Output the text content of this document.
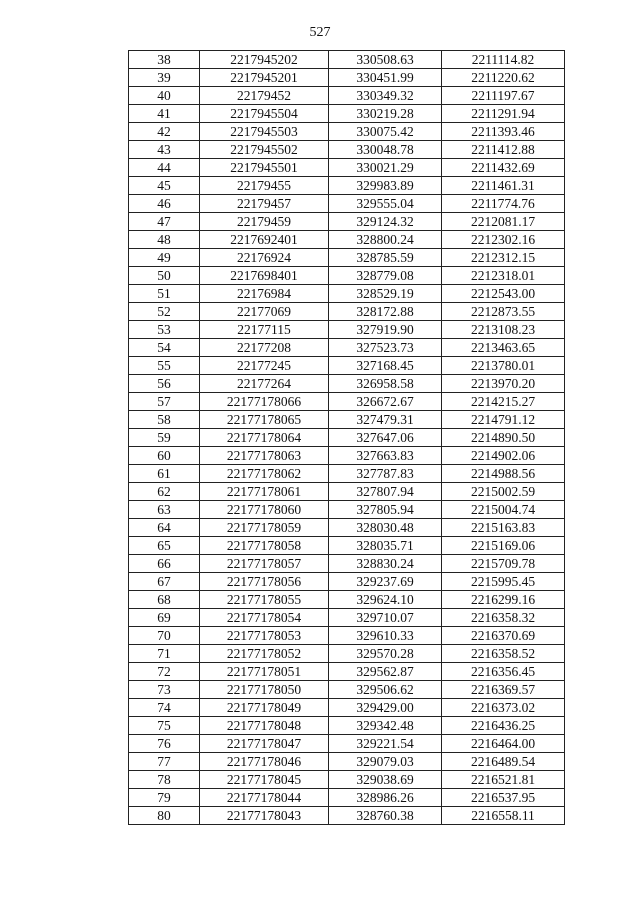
527
38	2217945202	330508.63	2211114.82
39	2217945201	330451.99	2211220.62
40	22179452	330349.32	2211197.67
41	2217945504	330219.28	2211291.94
42	2217945503	330075.42	2211393.46
43	2217945502	330048.78	2211412.88
44	2217945501	330021.29	2211432.69
45	22179455	329983.89	2211461.31
46	22179457	329555.04	2211774.76
47	22179459	329124.32	2212081.17
48	2217692401	328800.24	2212302.16
49	22176924	328785.59	2212312.15
50	2217698401	328779.08	2212318.01
51	22176984	328529.19	2212543.00
52	22177069	328172.88	2212873.55
53	22177115	327919.90	2213108.23
54	22177208	327523.73	2213463.65
55	22177245	327168.45	2213780.01
56	22177264	326958.58	2213970.20
57	22177178066	326672.67	2214215.27
58	22177178065	327479.31	2214791.12
59	22177178064	327647.06	2214890.50
60	22177178063	327663.83	2214902.06
61	22177178062	327787.83	2214988.56
62	22177178061	327807.94	2215002.59
63	22177178060	327805.94	2215004.74
64	22177178059	328030.48	2215163.83
65	22177178058	328035.71	2215169.06
66	22177178057	328830.24	2215709.78
67	22177178056	329237.69	2215995.45
68	22177178055	329624.10	2216299.16
69	22177178054	329710.07	2216358.32
70	22177178053	329610.33	2216370.69
71	22177178052	329570.28	2216358.52
72	22177178051	329562.87	2216356.45
73	22177178050	329506.62	2216369.57
74	22177178049	329429.00	2216373.02
75	22177178048	329342.48	2216436.25
76	22177178047	329221.54	2216464.00
77	22177178046	329079.03	2216489.54
78	22177178045	329038.69	2216521.81
79	22177178044	328986.26	2216537.95
80	22177178043	328760.38	2216558.11
